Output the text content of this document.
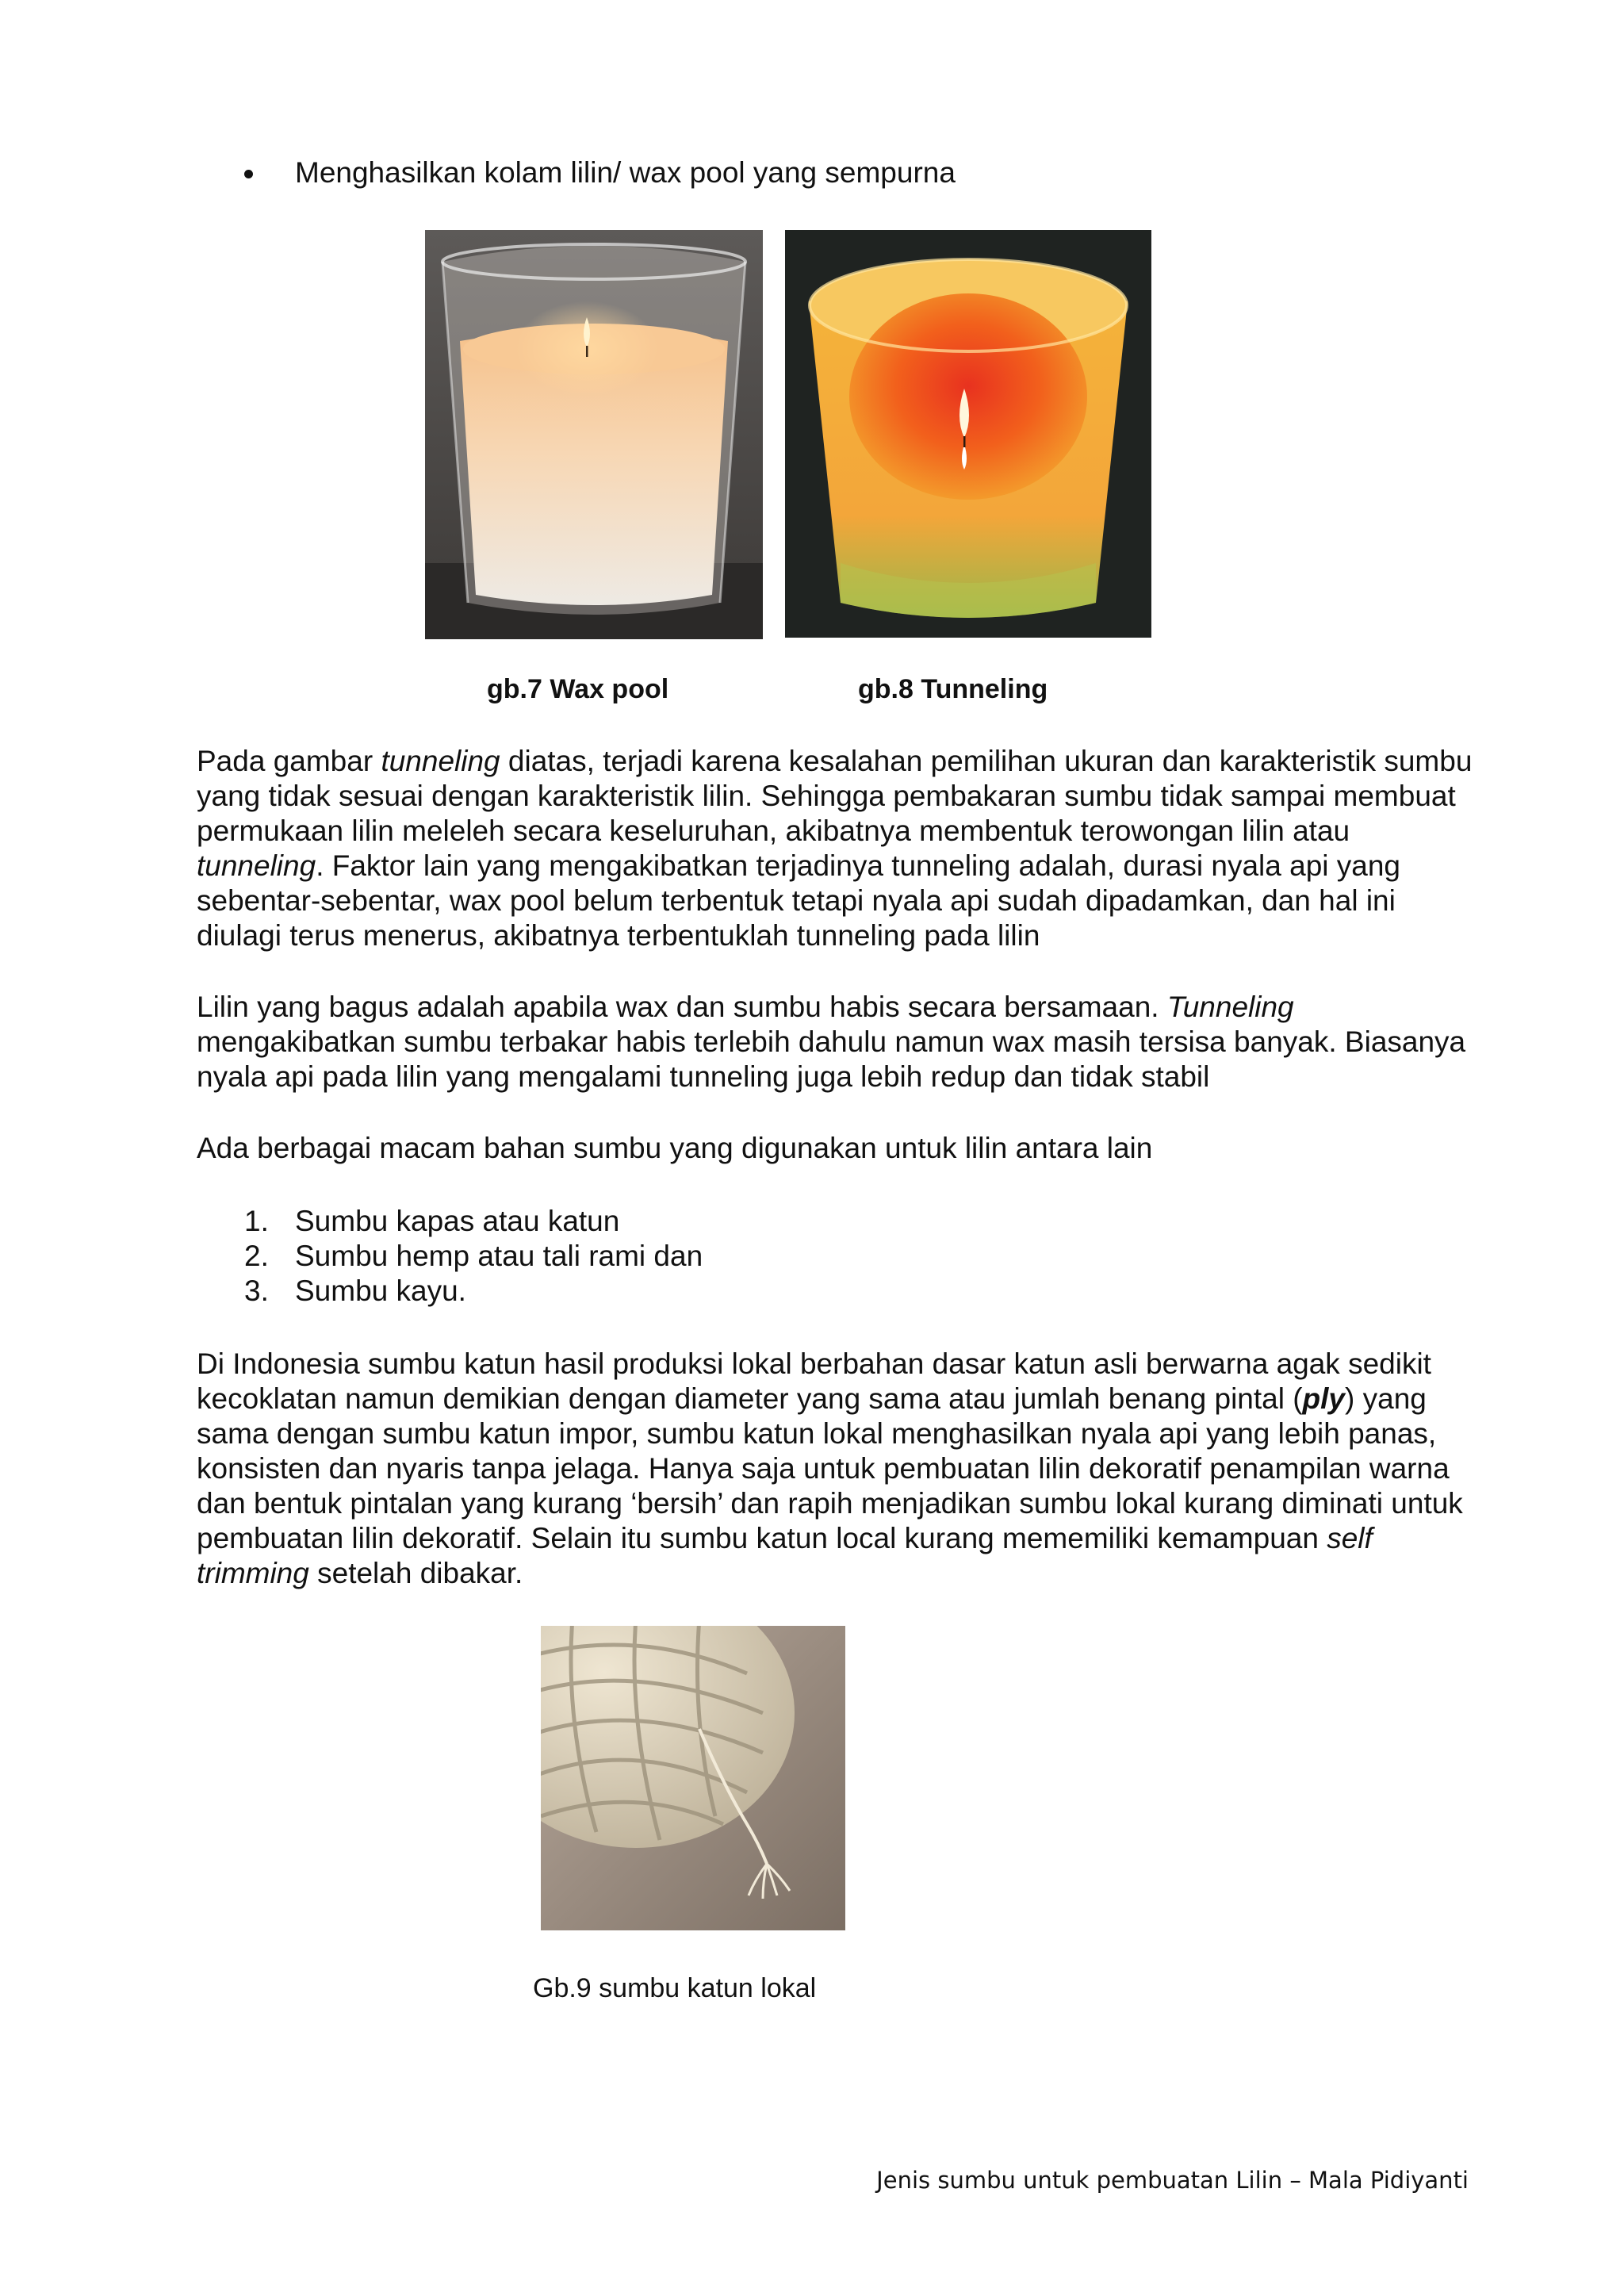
Menghasilkan kolam lilin/ wax pool yang sempurna
gb.7 Wax pool	gb.8 Tunneling

Pada gambar tunneling diatas, terjadi karena kesalahan pemilihan ukuran dan karakteristik sumbu yang tidak sesuai dengan karakteristik lilin. Sehingga pembakaran sumbu tidak sampai membuat permukaan lilin meleleh secara keseluruhan, akibatnya membentuk terowongan lilin atau tunneling. Faktor lain yang mengakibatkan terjadinya tunneling adalah, durasi nyala api yang sebentar-sebentar, wax pool belum terbentuk tetapi nyala api sudah dipadamkan, dan hal ini diulagi terus menerus, akibatnya terbentuklah tunneling pada lilin

Lilin yang bagus adalah apabila wax dan sumbu habis secara bersamaan. Tunneling mengakibatkan sumbu terbakar habis terlebih dahulu namun wax masih tersisa banyak. Biasanya nyala api pada lilin yang mengalami tunneling juga lebih redup dan tidak stabil

Ada berbagai macam bahan sumbu yang digunakan untuk lilin antara lain

1. Sumbu kapas atau katun
2. Sumbu hemp atau tali rami dan
3. Sumbu kayu.

Di Indonesia sumbu katun hasil produksi lokal berbahan dasar katun asli berwarna agak sedikit kecoklatan namun demikian dengan diameter yang sama atau jumlah benang pintal (ply) yang sama dengan sumbu katun impor, sumbu katun lokal menghasilkan nyala api yang lebih panas, konsisten dan nyaris tanpa jelaga. Hanya saja untuk pembuatan lilin dekoratif penampilan warna dan bentuk pintalan yang kurang ‘bersih’ dan rapih menjadikan sumbu lokal kurang diminati untuk pembuatan lilin dekoratif. Selain itu sumbu katun local kurang mememiliki kemampuan self trimming setelah dibakar.

Gb.9 sumbu katun lokal
Jenis sumbu untuk pembuatan Lilin – Mala Pidiyanti
